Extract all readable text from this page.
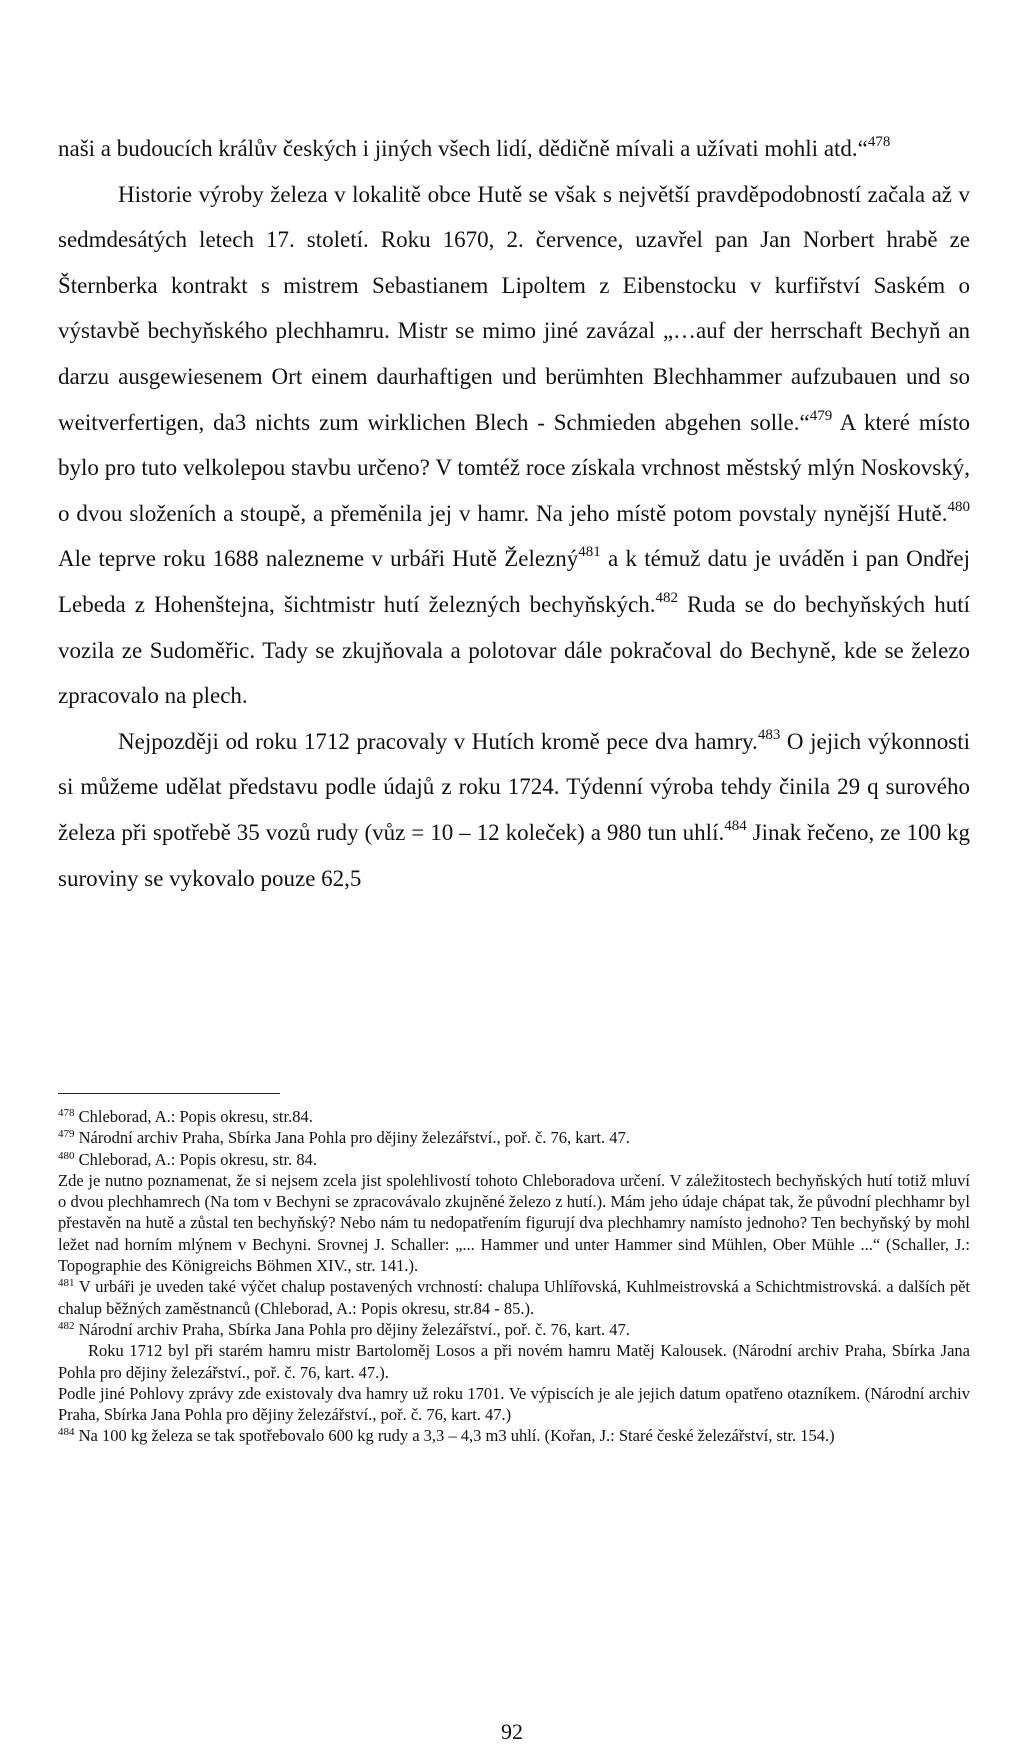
naši a budoucích králův českých i jiných všech lidí, dědičně mívali a užívati mohli atd.“$^{478}$

Historie výroby železa v lokalitě obce Hutě se však s největší pravděpodobností začala až v sedmdesátých letech 17. století. Roku 1670, 2. července, uzavřel pan Jan Norbert hrabě ze Šternberka kontrakt s mistrem Sebastianem Lipoltem z Eibenstocku v kurfiřství Saském o výstavbě bechyňského plechhamru. Mistr se mimo jiné zavázal „…auf der herrschaft Bechyň an darzu ausgewiesenem Ort einem daurhaftigen und berümhten Blechhammer aufzubauen und so weitverfertigen, da3 nichts zum wirklichen Blech - Schmieden abgehen solle.“$^{479}$ A které místo bylo pro tuto velkolepou stavbu určeno? V tomtéž roce získala vrchnost městský mlýn Noskovský, o dvou složeních a stoupě, a přeměnila jej v hamr. Na jeho místě potom povstaly nynější Hutě.$^{480}$ Ale teprve roku 1688 nalezneme v urbáři Hutě Železný$^{481}$ a k témuž datu je uváděn i pan Ondřej Lebeda z Hohenštejna, šichtmistr hutí železných bechyňských.$^{482}$ Ruda se do bechyňských hutí vozila ze Sudoměřic. Tady se zkujňovala a polotovar dále pokračoval do Bechyně, kde se železo zpracovalo na plech.

Nejpozději od roku 1712 pracovaly v Hutích kromě pece dva hamry.$^{483}$ O jejich výkonnosti si můžeme udělat představu podle údajů z roku 1724. Týdenní výroba tehdy činila 29 q surového železa při spotřebě 35 vozů rudy (vůz = 10 – 12 koleček) a 980 tun uhlí.$^{484}$ Jinak řečeno, ze 100 kg suroviny se vykovalo pouze 62,5

$^{478}$ Chleborad, A.: Popis okresu, str.84.

$^{479}$ Národní archiv Praha, Sbírka Jana Pohla pro dějiny železářství., poř. č. 76, kart. 47.

$^{480}$ Chleborad, A.: Popis okresu, str. 84.

Zde je nutno poznamenat, že si nejsem zcela jist spolehlivostí tohoto Chleboradova určení. V záležitostech bechyňských hutí totiž mluví o dvou plechhamrech (Na tom v Bechyni se zpracovávalo zkujněné železo z hutí.). Mám jeho údaje chápat tak, že původní plechhamr byl přestavěn na hutě a zůstal ten bechyňský? Nebo nám tu nedopatřením figurují dva plechhamry namísto jednoho? Ten bechyňský by mohl ležet nad horním mlýnem v Bechyni. Srovnej J. Schaller: „... Hammer und unter Hammer sind Mühlen, Ober Mühle ...“ (Schaller, J.: Topographie des Königreichs Böhmen XIV., str. 141.).

$^{481}$ V urbáři je uveden také výčet chalup postavených vrchností: chalupa Uhlířovská, Kuhlmeistrovská a Schichtmistrovská. a dalších pět chalup běžných zaměstnanců (Chleborad, A.: Popis okresu, str.84 - 85.).

$^{482}$ Národní archiv Praha, Sbírka Jana Pohla pro dějiny železářství., poř. č. 76, kart. 47.

Roku 1712 byl při starém hamru mistr Bartoloměj Losos a při novém hamru Matěj Kalousek. (Národní archiv Praha, Sbírka Jana Pohla pro dějiny železářství., poř. č. 76, kart. 47.).

Podle jiné Pohlovy zprávy zde existovaly dva hamry už roku 1701. Ve výpiscích je ale jejich datum opatřeno otazníkem. (Národní archiv Praha, Sbírka Jana Pohla pro dějiny železářství., poř. č. 76, kart. 47.)

$^{484}$ Na 100 kg železa se tak spotřebovalo 600 kg rudy a 3,3 – 4,3 m3 uhlí. (Kořan, J.: Staré české železářství, str. 154.)

92
